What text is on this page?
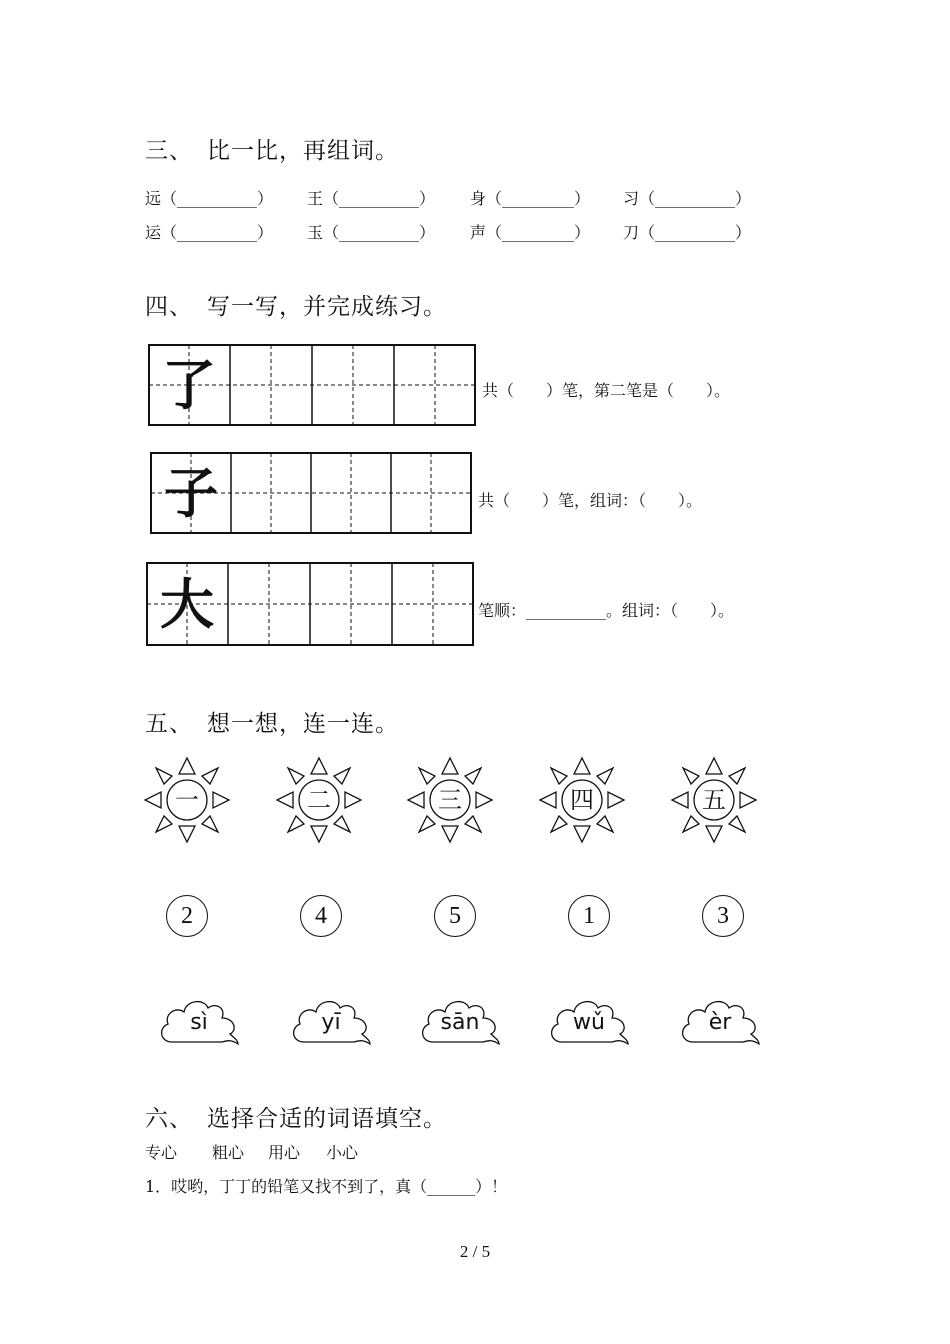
三、 比一比，再组词。
远（__________） 王（__________） 身（_________） 习（__________）
运（__________） 玉（__________） 声（_________） 刀（__________）
四、 写一写，并完成练习。
了	共（　　）笔，第二笔是（　　）。
子	共（　　）笔，组词：（　　）。
大	笔顺：__________。组词：（　　）。
五、 想一想，连一连。
一	二	三	四	五
2	4	5	1	3
sì	yī	sān	wǔ	èr
六、 选择合适的词语填空。
专心 粗心 用心 小心
1．哎哟，丁丁的铅笔又找不到了，真（______）！
2 / 5
